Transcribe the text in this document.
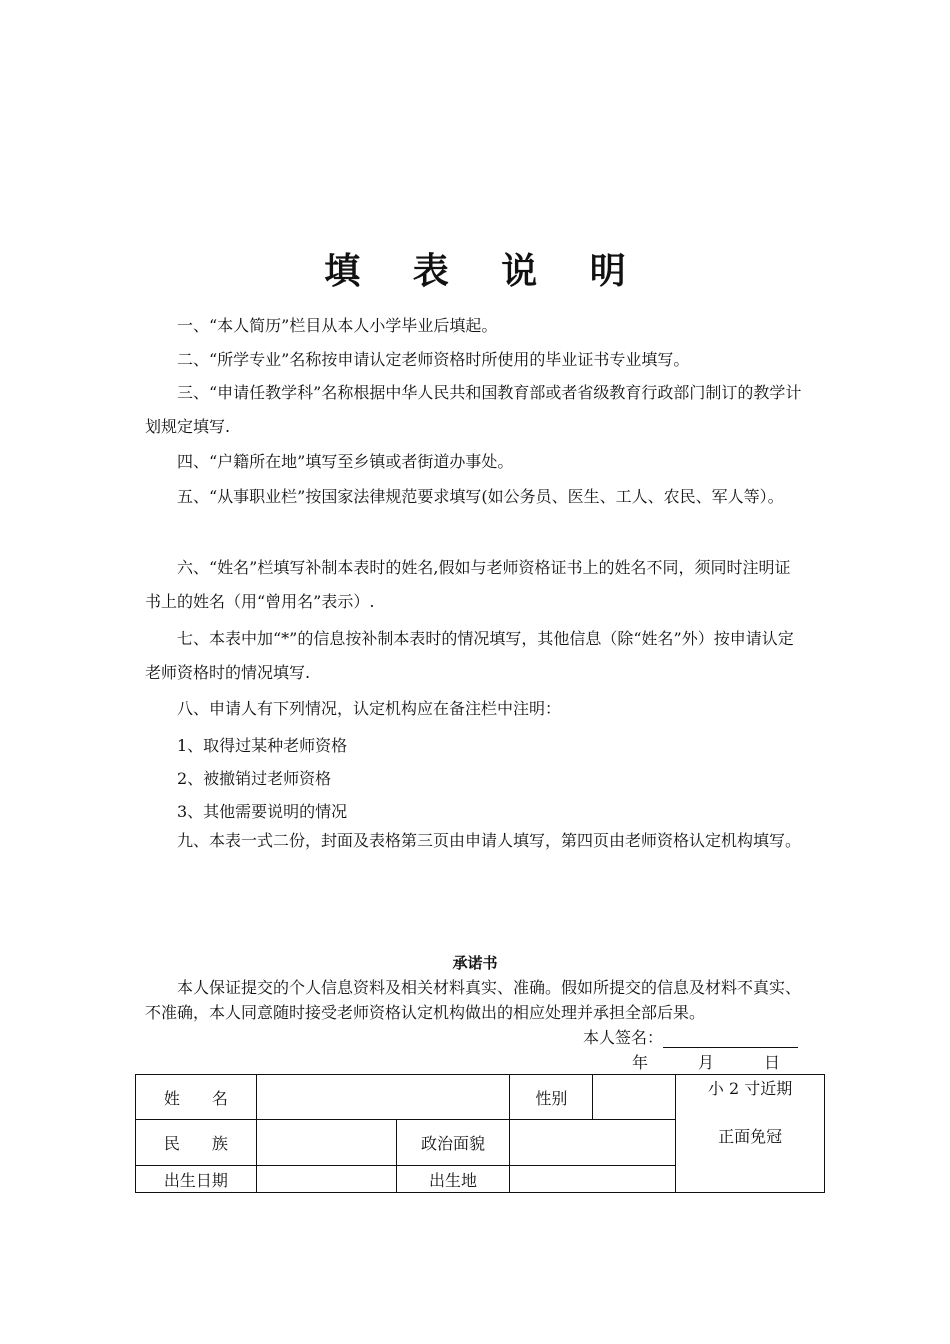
填 表 说 明
一、“本人简历”栏目从本人小学毕业后填起。
二、“所学专业”名称按申请认定老师资格时所使用的毕业证书专业填写。
三、“申请任教学科”名称根据中华人民共和国教育部或者省级教育行政部门制订的教学计划规定填写.
四、“户籍所在地”填写至乡镇或者街道办事处。
五、“从事职业栏”按国家法律规范要求填写(如公务员、医生、工人、农民、军人等）。
六、“姓名”栏填写补制本表时的姓名,假如与老师资格证书上的姓名不同，须同时注明证书上的姓名（用“曾用名”表示）.
七、本表中加“*”的信息按补制本表时的情况填写，其他信息（除“姓名”外）按申请认定老师资格时的情况填写.
八、申请人有下列情况，认定机构应在备注栏中注明：
1、取得过某种老师资格
2、被撤销过老师资格
3、其他需要说明的情况
九、本表一式二份，封面及表格第三页由申请人填写，第四页由老师资格认定机构填写。
承诺书
本人保证提交的个人信息资料及相关材料真实、准确。假如所提交的信息及材料不真实、不准确，本人同意随时接受老师资格认定机构做出的相应处理并承担全部后果。
本人签名：
年	月	日
姓　　名			性别		小 2 寸近期
正面免冠

民　　族		政治面貌			
出生日期		出生地			
